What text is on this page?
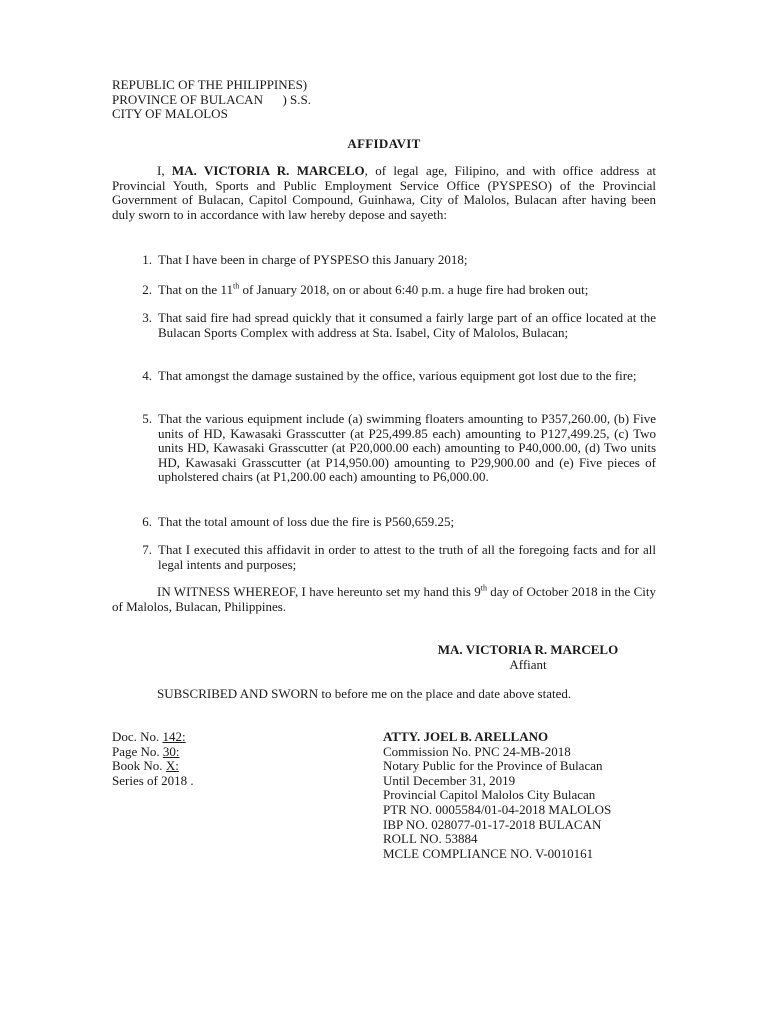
REPUBLIC OF THE PHILIPPINES)
PROVINCE OF BULACAN      ) S.S.
CITY OF MALOLOS
AFFIDAVIT
I, MA. VICTORIA R. MARCELO, of legal age, Filipino, and with office address at Provincial Youth, Sports and Public Employment Service Office (PYSPESO) of the Provincial Government of Bulacan, Capitol Compound, Guinhawa, City of Malolos, Bulacan after having been duly sworn to in accordance with law hereby depose and sayeth:
1. That I have been in charge of PYSPESO this January 2018;
2. That on the 11th of January 2018, on or about 6:40 p.m. a huge fire had broken out;
3. That said fire had spread quickly that it consumed a fairly large part of an office located at the Bulacan Sports Complex with address at Sta. Isabel, City of Malolos, Bulacan;
4. That amongst the damage sustained by the office, various equipment got lost due to the fire;
5. That the various equipment include (a) swimming floaters amounting to P357,260.00, (b) Five units of HD, Kawasaki Grasscutter (at P25,499.85 each) amounting to P127,499.25, (c) Two units HD, Kawasaki Grasscutter (at P20,000.00 each) amounting to P40,000.00, (d) Two units HD, Kawasaki Grasscutter (at P14,950.00) amounting to P29,900.00 and (e) Five pieces of upholstered chairs (at P1,200.00 each) amounting to P6,000.00.
6. That the total amount of loss due the fire is P560,659.25;
7. That I executed this affidavit in order to attest to the truth of all the foregoing facts and for all legal intents and purposes;
IN WITNESS WHEREOF, I have hereunto set my hand this 9th day of October 2018 in the City of Malolos, Bulacan, Philippines.
MA. VICTORIA R. MARCELO
Affiant
SUBSCRIBED AND SWORN to before me on the place and date above stated.
Doc. No. 142:
Page No. 30:
Book No. X:
Series of 2018 .
ATTY. JOEL B. ARELLANO
Commission No. PNC 24-MB-2018
Notary Public for the Province of Bulacan
Until December 31, 2019
Provincial Capitol Malolos City Bulacan
PTR NO. 0005584/01-04-2018 MALOLOS
IBP NO. 028077-01-17-2018 BULACAN
ROLL NO. 53884
MCLE COMPLIANCE NO. V-0010161
